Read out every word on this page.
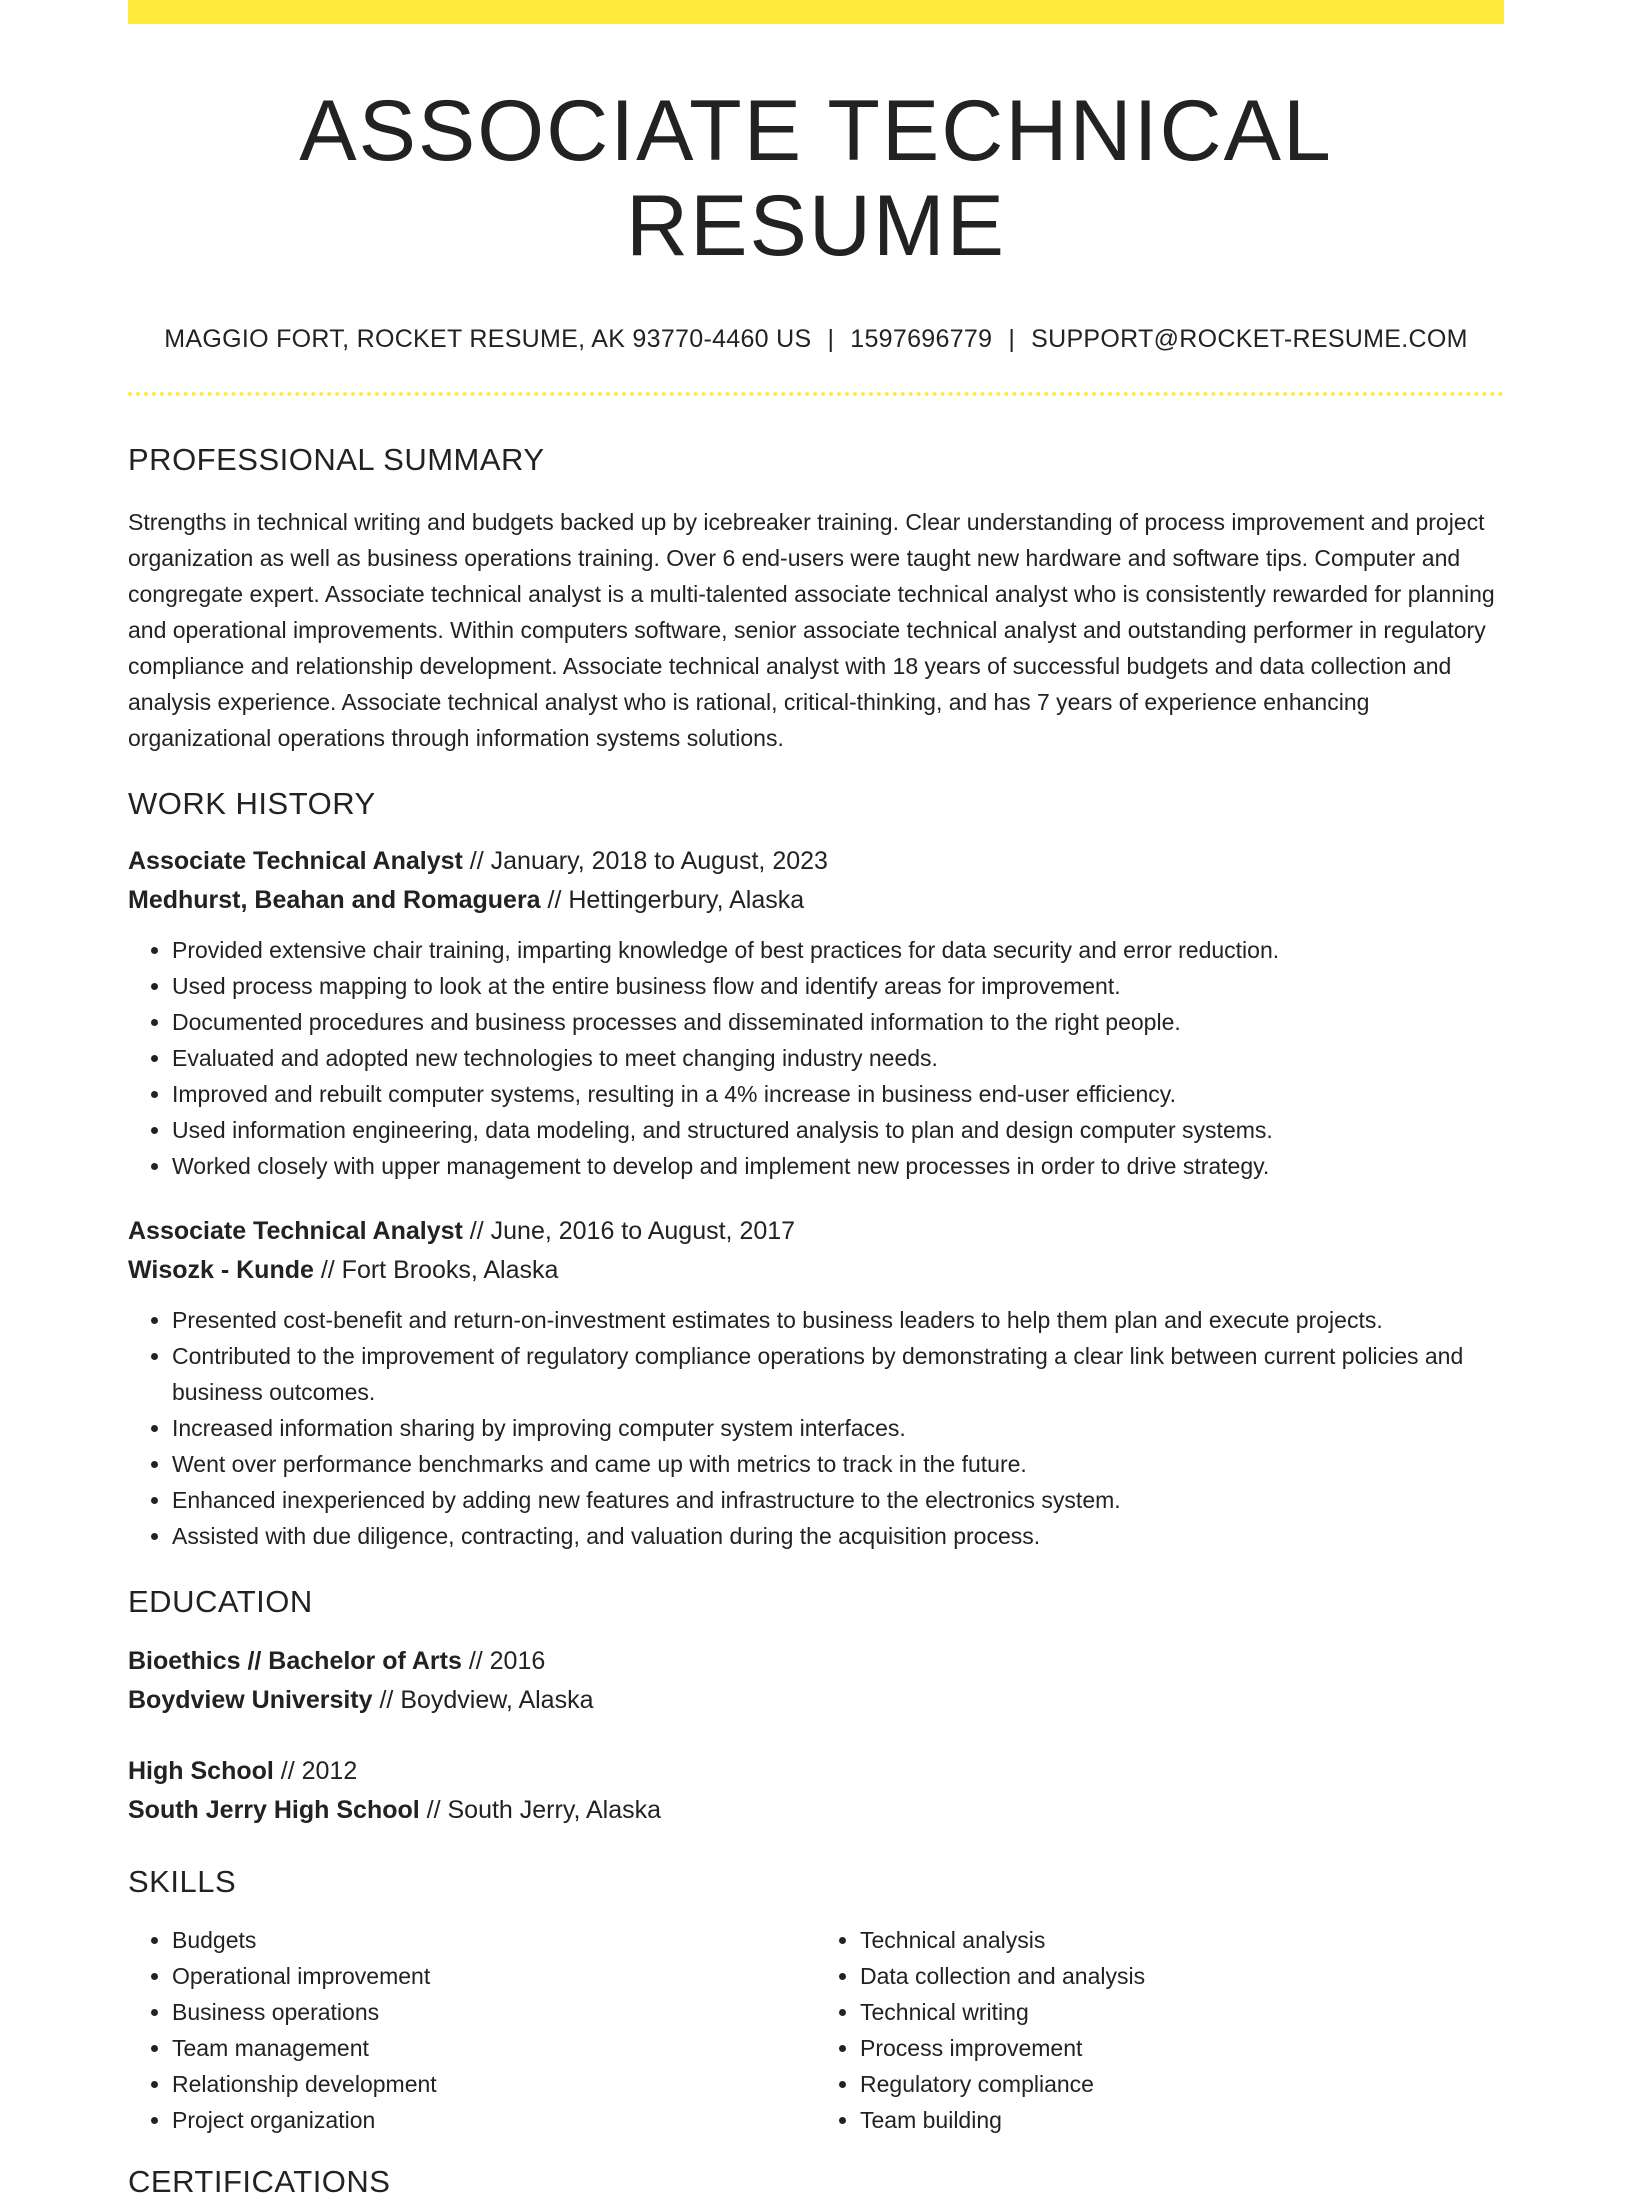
ASSOCIATE TECHNICAL RESUME
MAGGIO FORT, ROCKET RESUME, AK 93770-4460 US | 1597696779 | SUPPORT@ROCKET-RESUME.COM
PROFESSIONAL SUMMARY

Strengths in technical writing and budgets backed up by icebreaker training. Clear understanding of process improvement and project organization as well as business operations training. Over 6 end-users were taught new hardware and software tips. Computer and congregate expert. Associate technical analyst is a multi-talented associate technical analyst who is consistently rewarded for planning and operational improvements. Within computers software, senior associate technical analyst and outstanding performer in regulatory compliance and relationship development. Associate technical analyst with 18 years of successful budgets and data collection and analysis experience. Associate technical analyst who is rational, critical-thinking, and has 7 years of experience enhancing organizational operations through information systems solutions.

WORK HISTORY
Associate Technical Analyst // January, 2018 to August, 2023
Medhurst, Beahan and Romaguera // Hettingerbury, Alaska
• Provided extensive chair training, imparting knowledge of best practices for data security and error reduction.
• Used process mapping to look at the entire business flow and identify areas for improvement.
• Documented procedures and business processes and disseminated information to the right people.
• Evaluated and adopted new technologies to meet changing industry needs.
• Improved and rebuilt computer systems, resulting in a 4% increase in business end-user efficiency.
• Used information engineering, data modeling, and structured analysis to plan and design computer systems.
• Worked closely with upper management to develop and implement new processes in order to drive strategy.
Associate Technical Analyst // June, 2016 to August, 2017
Wisozk - Kunde // Fort Brooks, Alaska
• Presented cost-benefit and return-on-investment estimates to business leaders to help them plan and execute projects.
• Contributed to the improvement of regulatory compliance operations by demonstrating a clear link between current policies and business outcomes.
• Increased information sharing by improving computer system interfaces.
• Went over performance benchmarks and came up with metrics to track in the future.
• Enhanced inexperienced by adding new features and infrastructure to the electronics system.
• Assisted with due diligence, contracting, and valuation during the acquisition process.
EDUCATION
Bioethics // Bachelor of Arts // 2016
Boydview University // Boydview, Alaska
High School // 2012
South Jerry High School // South Jerry, Alaska
SKILLS
• Budgets
• Operational improvement
• Business operations
• Team management
• Relationship development
• Project organization
• Technical analysis
• Data collection and analysis
• Technical writing
• Process improvement
• Regulatory compliance
• Team building
CERTIFICATIONS
